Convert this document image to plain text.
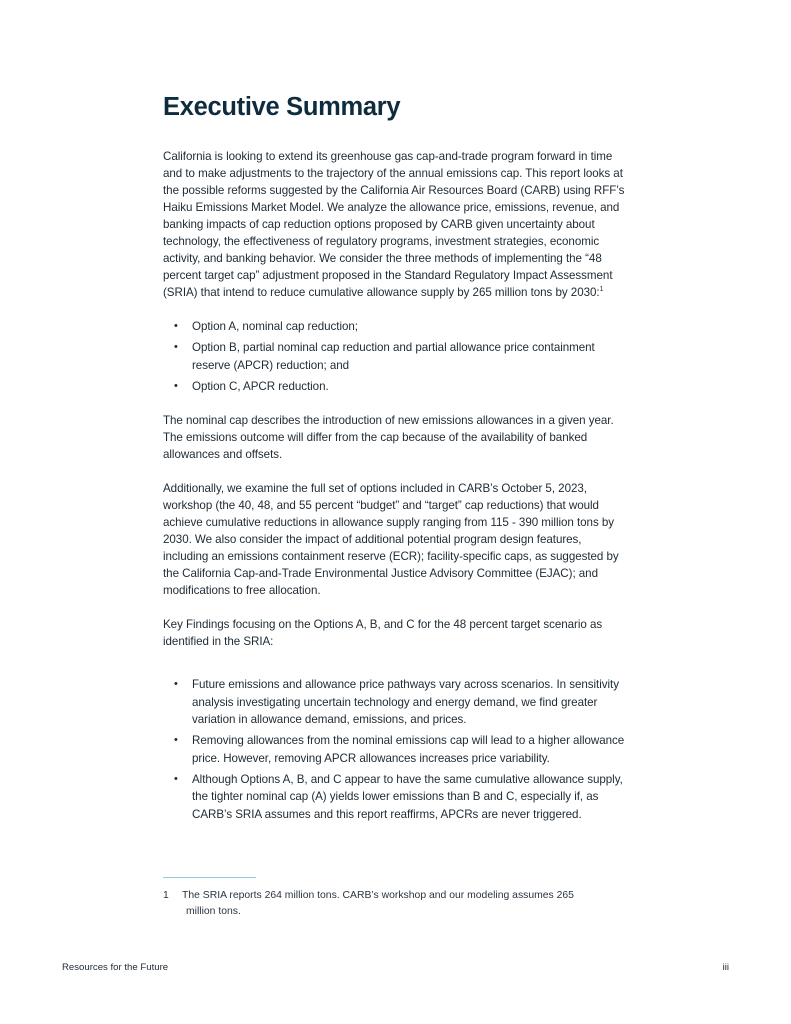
Executive Summary

California is looking to extend its greenhouse gas cap-and-trade program forward in time and to make adjustments to the trajectory of the annual emissions cap. This report looks at the possible reforms suggested by the California Air Resources Board (CARB) using RFF’s Haiku Emissions Market Model. We analyze the allowance price, emissions, revenue, and banking impacts of cap reduction options proposed by CARB given uncertainty about technology, the effectiveness of regulatory programs, investment strategies, economic activity, and banking behavior. We consider the three methods of implementing the “48 percent target cap” adjustment proposed in the Standard Regulatory Impact Assessment (SRIA) that intend to reduce cumulative allowance supply by 265 million tons by 2030:$^1$

• Option A, nominal cap reduction;
• Option B, partial nominal cap reduction and partial allowance price containment reserve (APCR) reduction; and
• Option C, APCR reduction.

The nominal cap describes the introduction of new emissions allowances in a given year. The emissions outcome will differ from the cap because of the availability of banked allowances and offsets.

Additionally, we examine the full set of options included in CARB’s October 5, 2023, workshop (the 40, 48, and 55 percent “budget” and “target” cap reductions) that would achieve cumulative reductions in allowance supply ranging from 115 - 390 million tons by 2030. We also consider the impact of additional potential program design features, including an emissions containment reserve (ECR); facility-specific caps, as suggested by the California Cap-and-Trade Environmental Justice Advisory Committee (EJAC); and modifications to free allocation.

Key Findings focusing on the Options A, B, and C for the 48 percent target scenario as identified in the SRIA:

• Future emissions and allowance price pathways vary across scenarios. In sensitivity analysis investigating uncertain technology and energy demand, we find greater variation in allowance demand, emissions, and prices.
• Removing allowances from the nominal emissions cap will lead to a higher allowance price. However, removing APCR allowances increases price variability.
• Although Options A, B, and C appear to have the same cumulative allowance supply, the tighter nominal cap (A) yields lower emissions than B and C, especially if, as CARB’s SRIA assumes and this report reaffirms, APCRs are never triggered.
1	The SRIA reports 264 million tons. CARB’s workshop and our modeling assumes 265
million tons.
Resources for the Future	iii
